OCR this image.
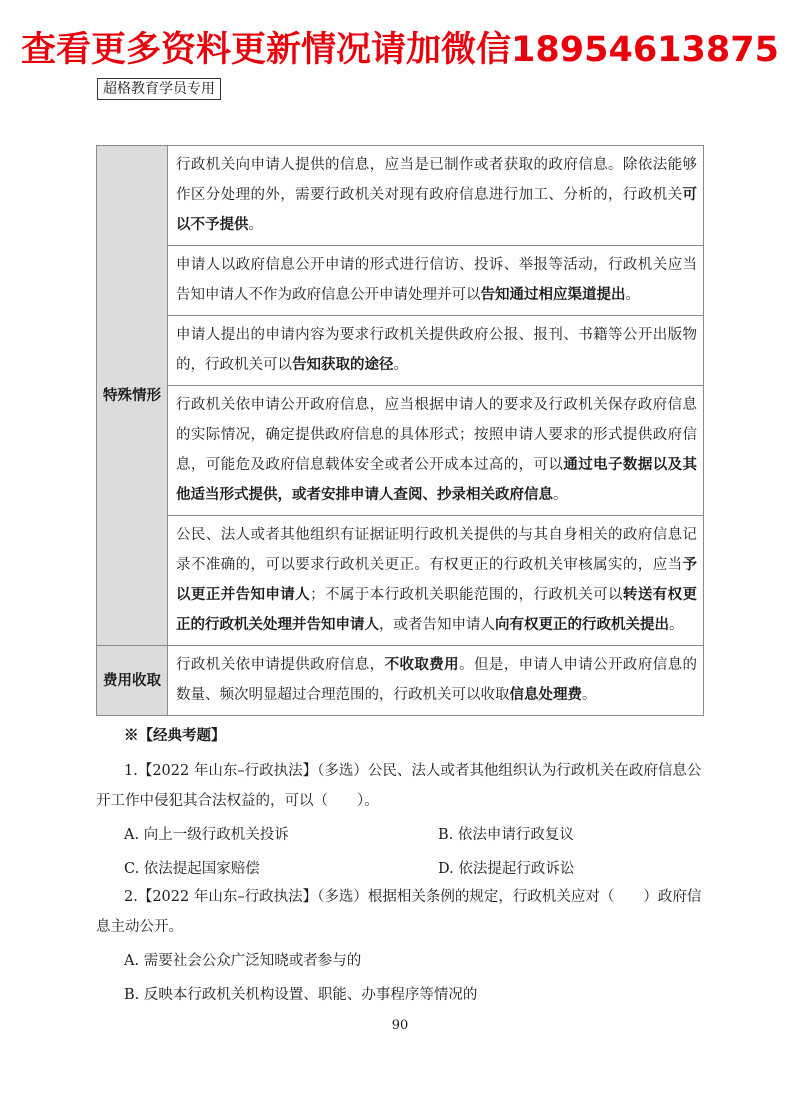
查看更多资料更新情况请加微信18954613875
超格教育学员专用
特殊情形	行政机关向申请人提供的信息，应当是已制作或者获取的政府信息。除依法能够作区分处理的外，需要行政机关对现有政府信息进行加工、分析的，行政机关可以不予提供。
	申请人以政府信息公开申请的形式进行信访、投诉、举报等活动，行政机关应当告知申请人不作为政府信息公开申请处理并可以告知通过相应渠道提出。
	申请人提出的申请内容为要求行政机关提供政府公报、报刊、书籍等公开出版物的，行政机关可以告知获取的途径。
	行政机关依申请公开政府信息，应当根据申请人的要求及行政机关保存政府信息的实际情况，确定提供政府信息的具体形式；按照申请人要求的形式提供政府信息，可能危及政府信息载体安全或者公开成本过高的，可以通过电子数据以及其他适当形式提供，或者安排申请人查阅、抄录相关政府信息。
	公民、法人或者其他组织有证据证明行政机关提供的与其自身相关的政府信息记录不准确的，可以要求行政机关更正。有权更正的行政机关审核属实的，应当予以更正并告知申请人；不属于本行政机关职能范围的，行政机关可以转送有权更正的行政机关处理并告知申请人，或者告知申请人向有权更正的行政机关提出。
费用收取	行政机关依申请提供政府信息，不收取费用。但是，申请人申请公开政府信息的数量、频次明显超过合理范围的，行政机关可以收取信息处理费。
※【经典考题】

1.【2022 年山东–行政执法】（多选）公民、法人或者其他组织认为行政机关在政府信息公开工作中侵犯其合法权益的，可以（　　）。

A. 向上一级行政机关投诉	B. 依法申请行政复议
C. 依法提起国家赔偿	D. 依法提起行政诉讼

2.【2022 年山东–行政执法】（多选）根据相关条例的规定，行政机关应对（　　）政府信息主动公开。

A. 需要社会公众广泛知晓或者参与的
B. 反映本行政机关机构设置、职能、办事程序等情况的
90
